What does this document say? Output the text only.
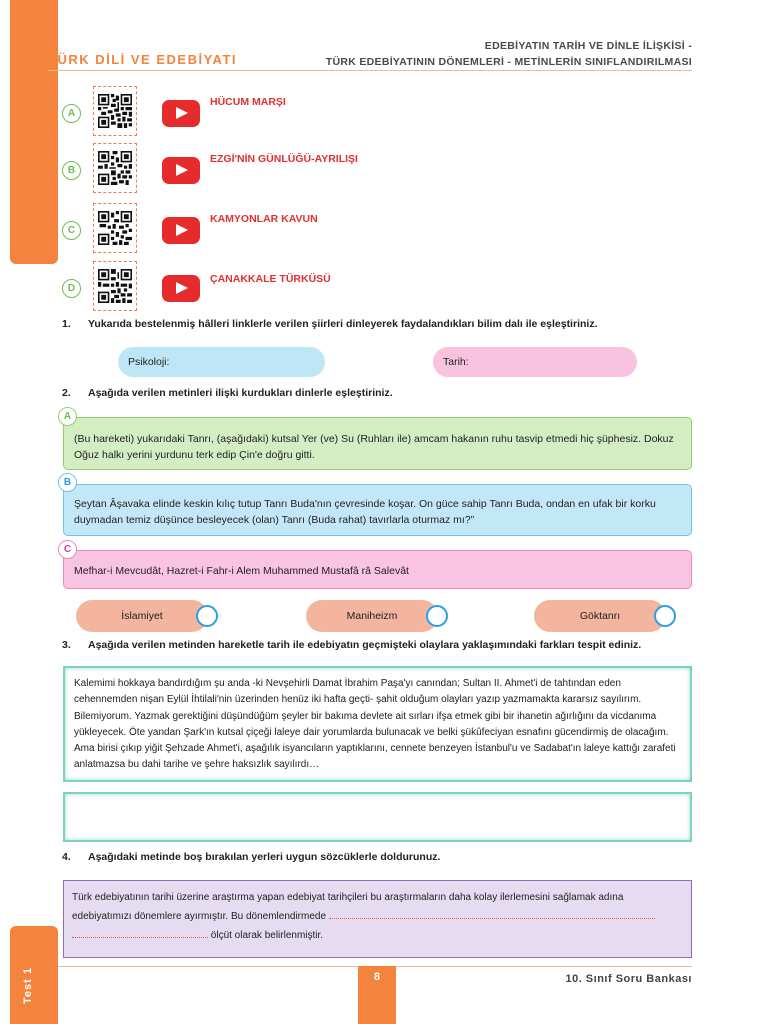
TÜRK DİLİ VE EDEBİYATI
EDEBİYATIN TARİH VE DİNLE İLİŞKİSİ -
TÜRK EDEBİYATININ DÖNEMLERİ - METİNLERİN SINIFLANDIRILMASI
A
HÜCUM MARŞI
B
EZGİ'NİN GÜNLÜĞÜ-AYRILIŞI
C
KAMYONLAR KAVUN
D
ÇANAKKALE TÜRKÜSÜ
1. Yukarıda bestelenmiş hâlleri linklerle verilen şiirleri dinleyerek faydalandıkları bilim dalı ile eşleştiriniz.
Psikoloji:	Tarih:
2. Aşağıda verilen metinleri ilişki kurdukları dinlerle eşleştiriniz.
(Bu hareketi) yukarıdaki Tanrı, (aşağıdaki) kutsal Yer (ve) Su (Ruhları ile) amcam hakanın ruhu tasvip etmedi hiç şüphesiz. Dokuz Oğuz halkı yerini yurdunu terk edip Çin'e doğru gitti.
A
Şeytan Âşavaka elinde keskin kılıç tutup Tanrı Buda'nın çevresinde koşar. On güce sahip Tanrı Buda, ondan en ufak bir korku duymadan temiz düşünce besleyecek (olan) Tanrı (Buda rahat) tavırlarla oturmaz mı?”
B
Mefhar-i Mevcudât, Hazret-i Fahr-i Alem Muhammed Mustafâ râ Salevât
C
İslamiyet	Maniheizm	Göktanrı
3. Aşağıda verilen metinden hareketle tarih ile edebiyatın geçmişteki olaylara yaklaşımındaki farkları tespit ediniz.
Kalemimi hokkaya bandırdığım şu anda -ki Nevşehirli Damat İbrahim Paşa'yı canından; Sultan II. Ahmet'i de tahtından eden cehennemden nişan Eylül İhtilali'nin üzerinden henüz iki hafta geçti- şahit olduğum olayları yazıp yazmamakta kararsız sayılırım. Bilemiyorum. Yazmak gerektiğini düşündüğüm şeyler bir bakıma devlete ait sırları ifşa etmek gibi bir ihanetin ağırlığını da vicdanıma yükleyecek. Öte yandan Şark'ın kutsal çiçeği laleye dair yorumlarda bulunacak ve belki şükûfeciyan esnafını gücendirmiş de olacağım. Ama birisi çıkıp yiğit Şehzade Ahmet'i, aşağılık isyancıların yaptıklarını, cennete benzeyen İstanbul'u ve Sadabat'ın laleye kattığı zarafeti anlatmazsa bu dahi tarihe ve şehre haksızlık sayılırdı…
4. Aşağıdaki metinde boş bırakılan yerleri uygun sözcüklerle doldurunuz.
Türk edebiyatının tarihi üzerine araştırma yapan edebiyat tarihçileri bu araştırmaların daha kolay ilerlemesini sağlamak adına edebiyatımızı dönemlere ayırmıştır. Bu dönemlendirmede
ölçüt olarak belirlenmiştir.
8	10. Sınıf Soru Bankası
Test 1
